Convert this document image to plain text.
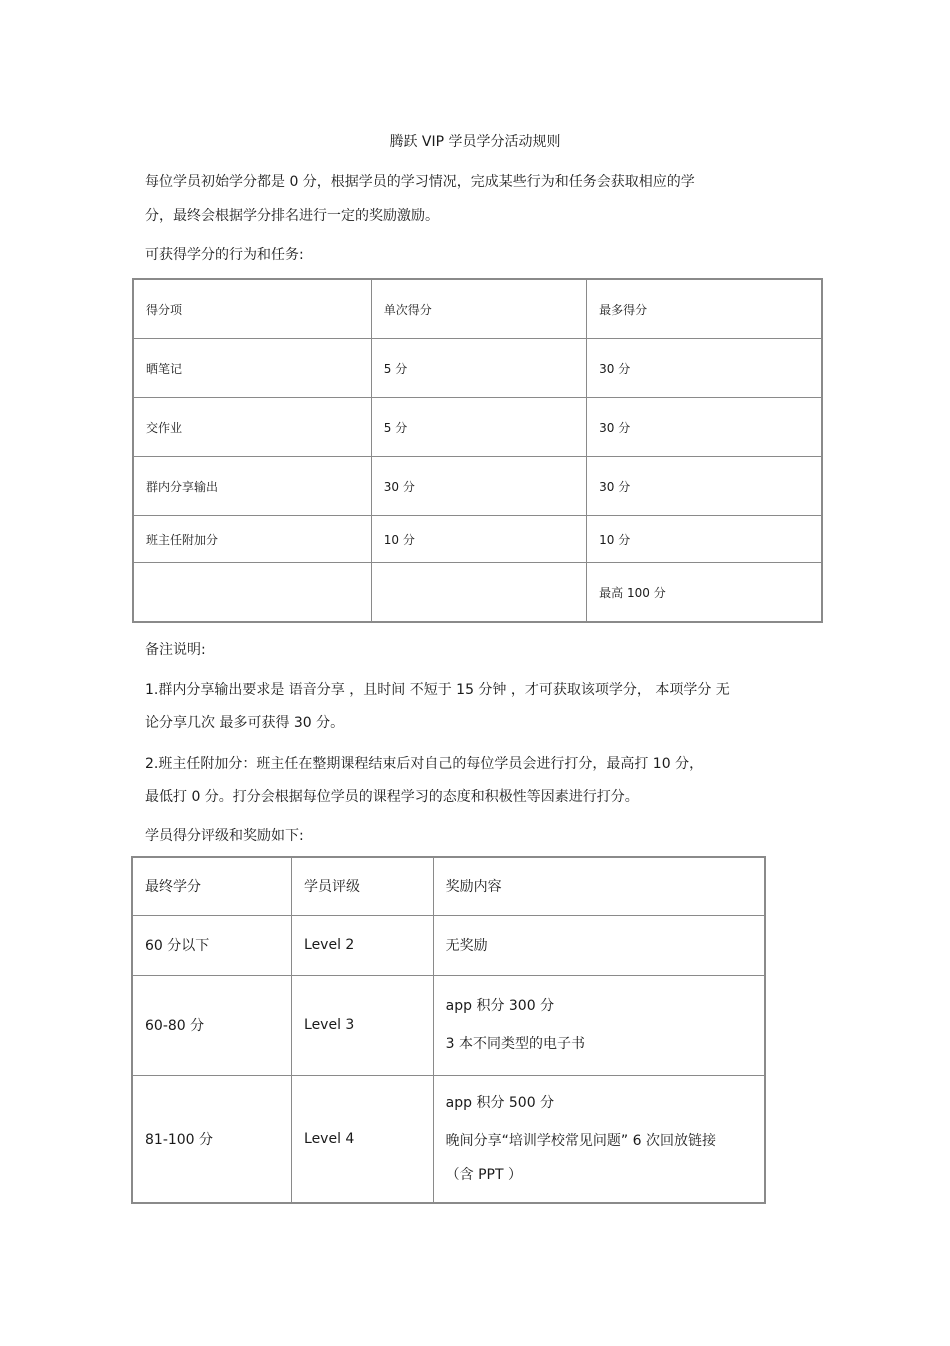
腾跃 VIP 学员学分活动规则
每位学员初始学分都是 0 分，根据学员的学习情况，完成某些行为和任务会获取相应的学
分，最终会根据学分排名进行一定的奖励激励。
可获得学分的行为和任务:
得分项	单次得分	最多得分
晒笔记	5 分	30 分
交作业	5 分	30 分
群内分享输出	30 分	30 分
班主任附加分	10 分	10 分
		最高 100 分
备注说明:
1.群内分享输出要求是 语音分享 ，且时间 不短于 15 分钟 ，才可获取该项学分， 本项学分 无
论分享几次 最多可获得 30 分。
2.班主任附加分：班主任在整期课程结束后对自己的每位学员会进行打分，最高打 10 分，
最低打 0 分。打分会根据每位学员的课程学习的态度和积极性等因素进行打分。
学员得分评级和奖励如下:
最终学分	学员评级	奖励内容
60 分以下	Level 2	无奖励
60-80 分	Level 3	app 积分 300 分
3 本不同类型的电子书

81-100 分	Level 4	app 积分 500 分
晚间分享“培训学校常见问题” 6 次回放链接
（含 PPT ）
